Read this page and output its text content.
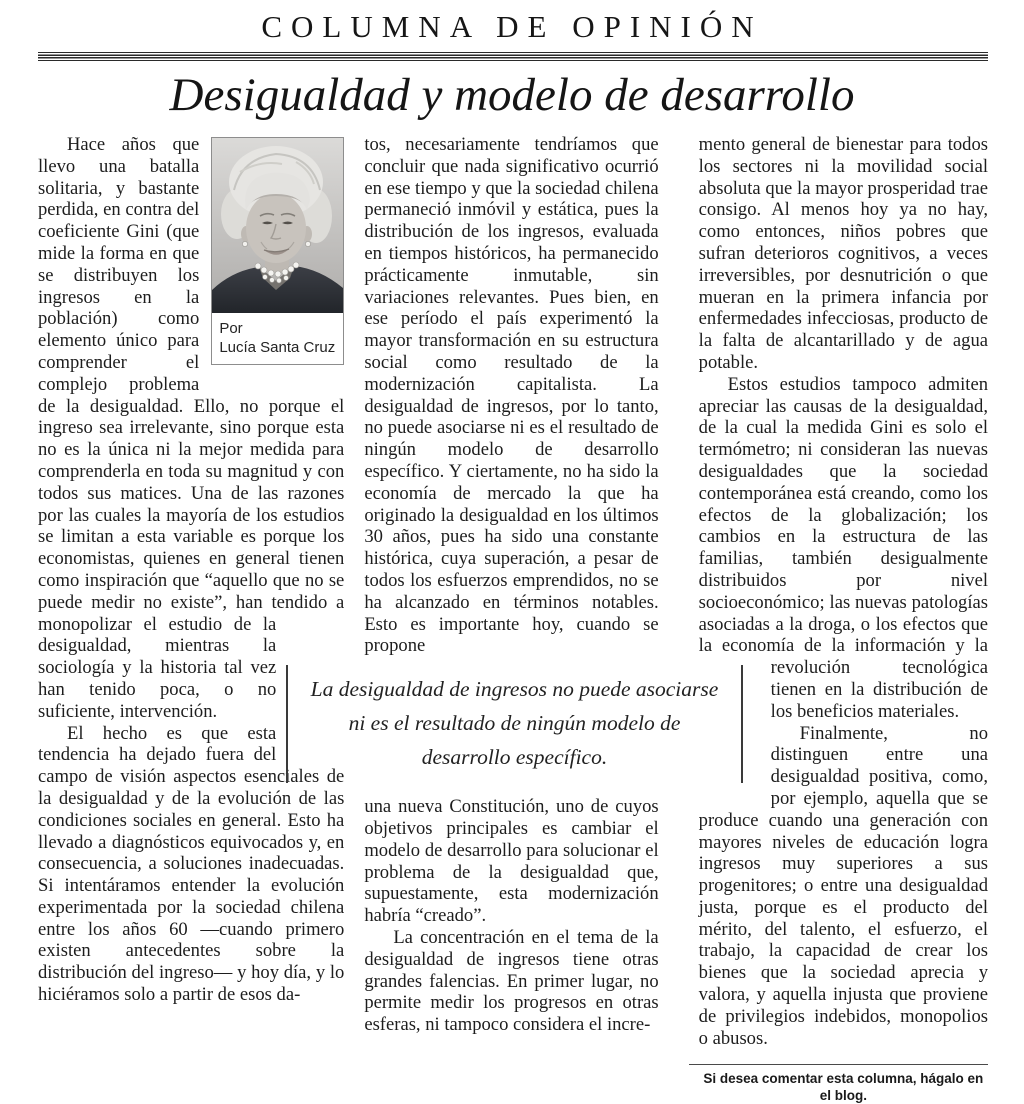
COLUMNA DE OPINIÓN
Desigualdad y modelo de desarrollo
Por
Lucía Santa Cruz

Hace años que llevo una batalla solitaria, y bastante perdida, en contra del coeficiente Gini (que mide la forma en que se distribuyen los ingresos en la población) como elemento único para comprender el complejo problema de la desigualdad. Ello, no porque el ingreso sea irrelevante, sino porque esta no es la única ni la mejor medida para comprenderla en toda su magnitud y con todos sus matices. Una de las razones por las cuales la mayoría de los estudios se limitan a esta variable es porque los economistas, quienes en general tienen como inspiración que “aquello que no se puede medir no existe”, han tendido a monopolizar el estudio de la desigualdad, mientras la sociología y la historia tal vez han tenido poca, o no suficiente, intervención.

El hecho es que esta tendencia ha dejado fuera del campo de visión aspectos esenciales de la desigualdad y de la evolución de las condiciones sociales en general. Esto ha llevado a diagnósticos equivocados y, en consecuencia, a soluciones inadecuadas. Si intentáramos entender la evolución experimentada por la sociedad chilena entre los años 60 —cuando primero existen antecedentes sobre la distribución del ingreso— y hoy día, y lo hiciéramos solo a partir de esos da-

tos, necesariamente tendríamos que concluir que nada significativo ocurrió en ese tiempo y que la sociedad chilena permaneció inmóvil y estática, pues la distribución de los ingresos, evaluada en tiempos históricos, ha permanecido prácticamente inmutable, sin variaciones relevantes. Pues bien, en ese período el país experimentó la mayor transformación en su estructura social como resultado de la modernización capitalista. La desigualdad de ingresos, por lo tanto, no puede asociarse ni es el resultado de ningún modelo de desarrollo específico. Y ciertamente, no ha sido la economía de mercado la que ha originado la desigualdad en los últimos 30 años, pues ha sido una constante histórica, cuya superación, a pesar de todos los esfuerzos emprendidos, no se ha alcanzado en términos notables. Esto es importante hoy, cuando se propone

La desigualdad de ingresos no puede asociarse ni es el resultado de ningún modelo de desarrollo específico.

una nueva Constitución, uno de cuyos objetivos principales es cambiar el modelo de desarrollo para solucionar el problema de la desigualdad que, supuestamente, esta modernización habría “creado”.

La concentración en el tema de la desigualdad de ingresos tiene otras grandes falencias. En primer lugar, no permite medir los progresos en otras esferas, ni tampoco considera el incre-

mento general de bienestar para todos los sectores ni la movilidad social absoluta que la mayor prosperidad trae consigo. Al menos hoy ya no hay, como entonces, niños pobres que sufran deterioros cognitivos, a veces irreversibles, por desnutrición o que mueran en la primera infancia por enfermedades infecciosas, producto de la falta de alcantarillado y de agua potable.

Estos estudios tampoco admiten apreciar las causas de la desigualdad, de la cual la medida Gini es solo el termómetro; ni consideran las nuevas desigualdades que la sociedad contemporánea está creando, como los efectos de la globalización; los cambios en la estructura de las familias, también desigualmente distribuidos por nivel socioeconómico; las nuevas patologías asociadas a la droga, o los efectos que la economía de la información y la
revolución tecnológica tienen en la distribución de los beneficios materiales.

Finalmente, no distinguen entre una desigualdad positiva, como, por ejemplo, aquella que se produce cuando una generación con mayores niveles de educación logra ingresos muy superiores a sus progenitores; o entre una desigualdad justa, porque es el producto del mérito, del talento, el esfuerzo, el trabajo, la capacidad de crear los bienes que la sociedad aprecia y valora, y aquella injusta que proviene de privilegios indebidos, monopolios o abusos.

Si desea comentar esta columna, hágalo en el blog.
